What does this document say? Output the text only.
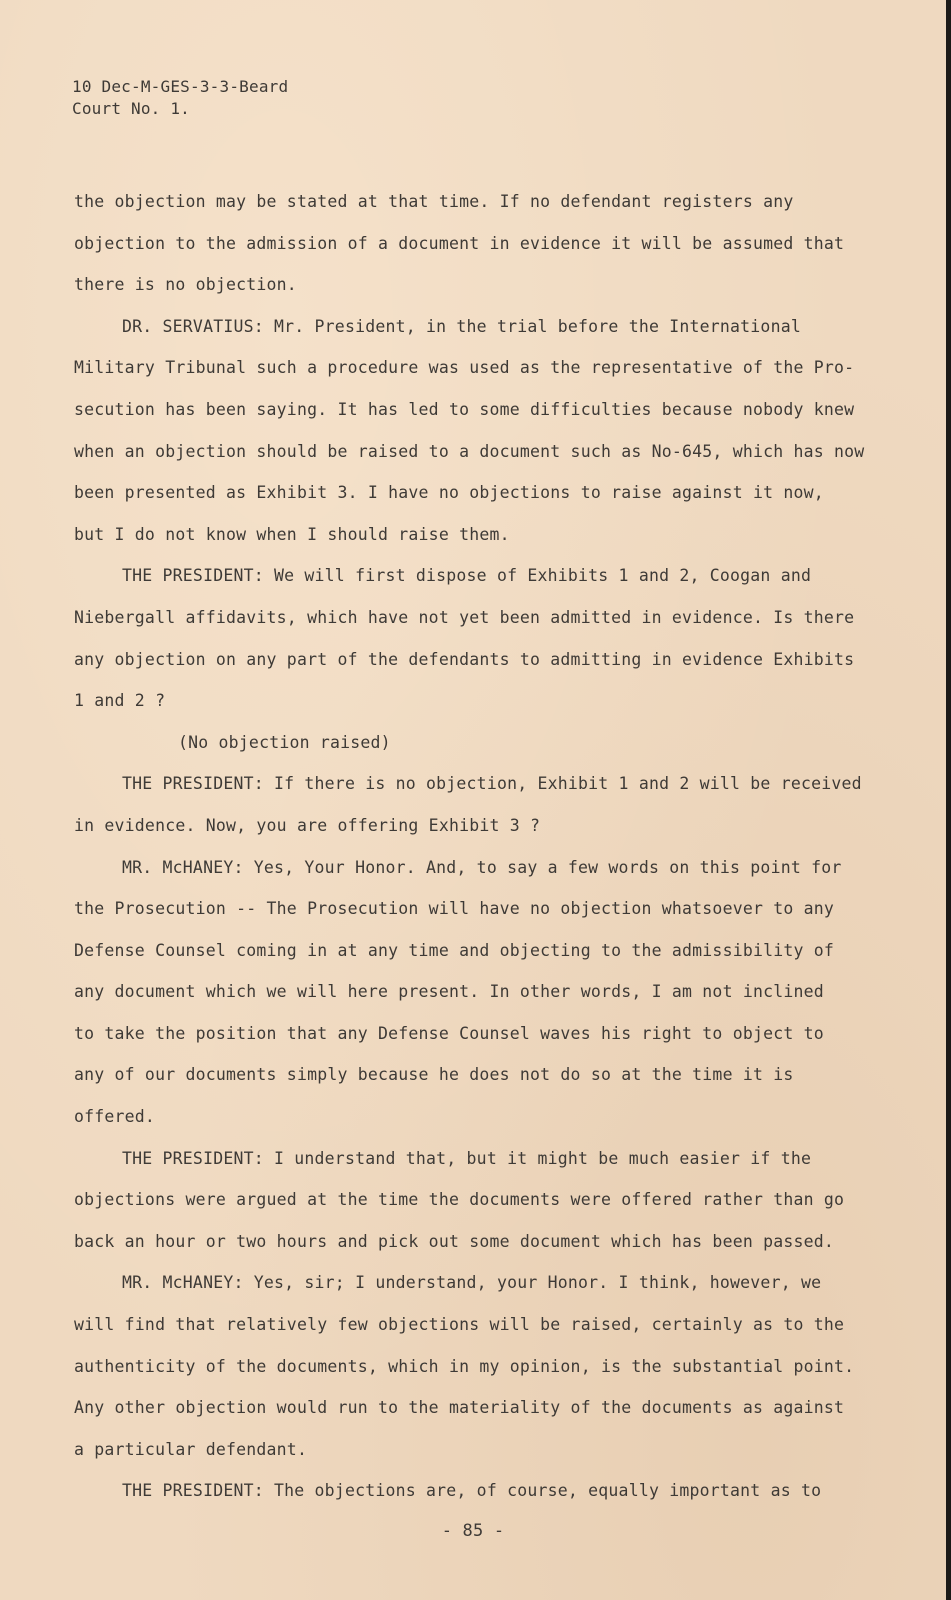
10 Dec-M-GES-3-3-Beard
Court No. 1.
the objection may be stated at that time. If no defendant registers any
objection to the admission of a document in evidence it will be assumed that
there is no objection.
DR. SERVATIUS: Mr. President, in the trial before the International
Military Tribunal such a procedure was used as the representative of the Pro-
secution has been saying. It has led to some difficulties because nobody knew
when an objection should be raised to a document such as No-645, which has now
been presented as Exhibit 3. I have no objections to raise against it now,
but I do not know when I should raise them.
THE PRESIDENT: We will first dispose of Exhibits 1 and 2, Coogan and
Niebergall affidavits, which have not yet been admitted in evidence. Is there
any objection on any part of the defendants to admitting in evidence Exhibits
1 and 2 ?
(No objection raised)
THE PRESIDENT: If there is no objection, Exhibit 1 and 2 will be received
in evidence. Now, you are offering Exhibit 3 ?
MR. McHANEY: Yes, Your Honor. And, to say a few words on this point for
the Prosecution -- The Prosecution will have no objection whatsoever to any
Defense Counsel coming in at any time and objecting to the admissibility of
any document which we will here present. In other words, I am not inclined
to take the position that any Defense Counsel waves his right to object to
any of our documents simply because he does not do so at the time it is
offered.
THE PRESIDENT: I understand that, but it might be much easier if the
objections were argued at the time the documents were offered rather than go
back an hour or two hours and pick out some document which has been passed.
MR. McHANEY: Yes, sir; I understand, your Honor. I think, however, we
will find that relatively few objections will be raised, certainly as to the
authenticity of the documents, which in my opinion, is the substantial point.
Any other objection would run to the materiality of the documents as against
a particular defendant.
THE PRESIDENT: The objections are, of course, equally important as to
- 85 -
